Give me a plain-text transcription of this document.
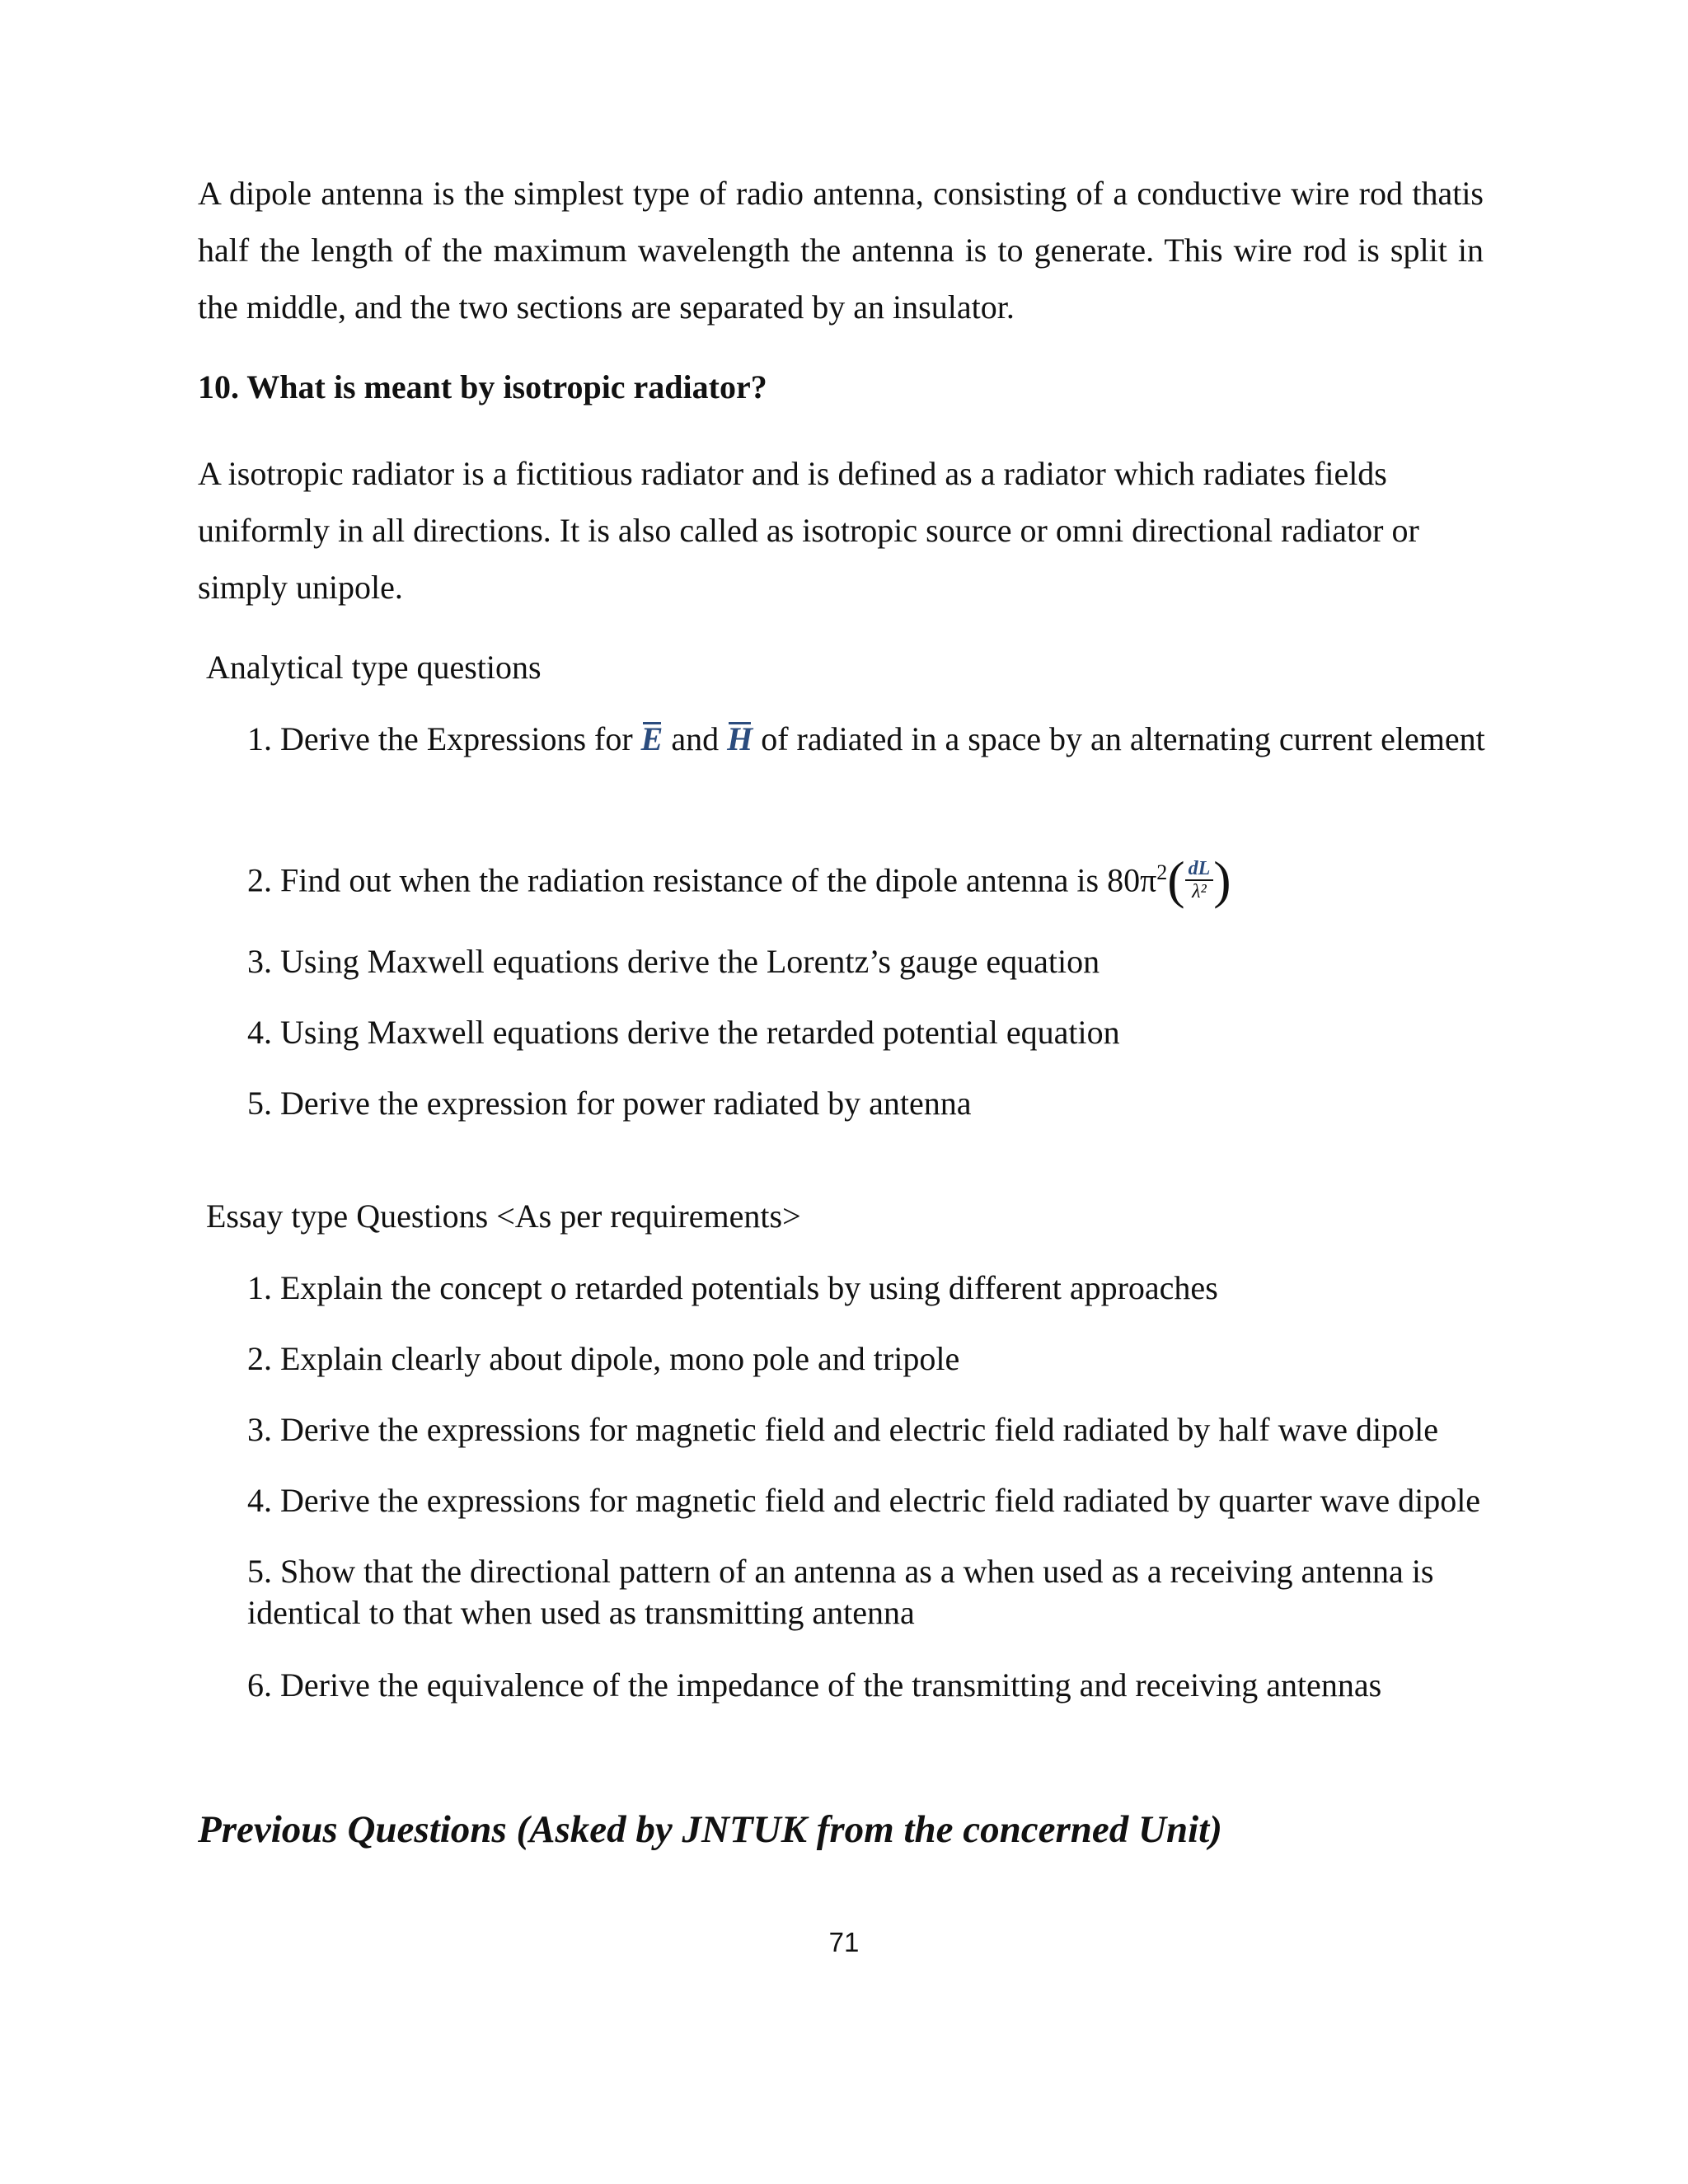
A dipole antenna is the simplest type of radio antenna, consisting of a conductive wire rod thatis half the length of the maximum wavelength the antenna is to generate. This wire rod is split in the middle, and the two sections are separated by an insulator.

10. What is meant by isotropic radiator?

A isotropic radiator is a fictitious radiator and is defined as a radiator which radiates fields uniformly in all directions. It is also called as isotropic source or omni directional radiator or simply unipole.

Analytical type questions

1. Derive the Expressions for E and H of radiated in a space by an alternating current element

2. Find out when the radiation resistance of the dipole antenna is $80\pi^2( \frac{dL}{\text{λ²}}$ )

3. Using Maxwell equations derive the Lorentz’s gauge equation

4. Using Maxwell equations derive the retarded potential equation

5. Derive the expression for power radiated by antenna

Essay type Questions <As per requirements>

1. Explain the concept o retarded potentials by using different approaches

2. Explain clearly about dipole, mono pole and tripole

3. Derive the expressions for magnetic field and electric field radiated by half wave dipole

4. Derive the expressions for magnetic field and electric field radiated by quarter wave dipole

5. Show that the directional pattern of an antenna as a when used as a receiving antenna is identical to that when used as transmitting antenna

6. Derive the equivalence of the impedance of the transmitting and receiving antennas

Previous Questions (Asked by JNTUK from the concerned Unit)

71
